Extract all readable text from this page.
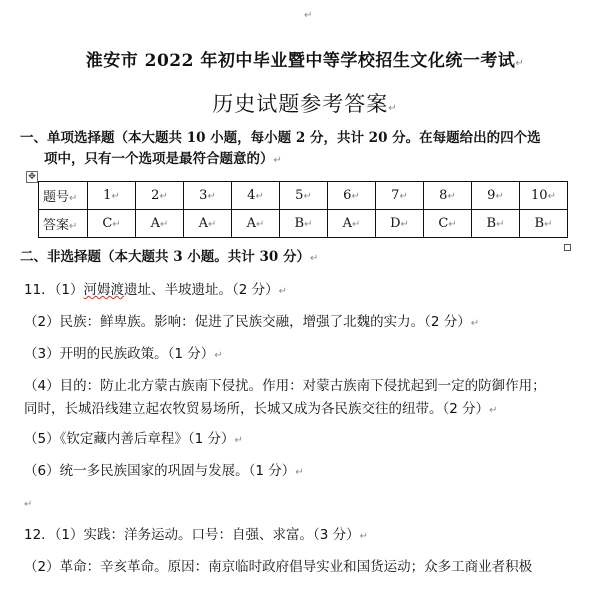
↵
淮安市 2022 年初中毕业暨中等学校招生文化统一考试↵
历史试题参考答案↵
一、单项选择题（本大题共 10 小题，每小题 2 分，共计 20 分。在每题给出的四个选
项中，只有一个选项是最符合题意的）↵
✥
题号↵	1↵	2↵	3↵	4↵	5↵	6↵	7↵	8↵	9↵	10↵
答案↵	C↵	A↵	A↵	A↵	B↵	A↵	D↵	C↵	B↵	B↵
二、非选择题（本大题共 3 小题。共计 30 分）↵
11．（1）河姆渡遗址、半坡遗址。（2 分）↵
（2）民族：鲜卑族。影响：促进了民族交融，增强了北魏的实力。（2 分）↵
（3）开明的民族政策。（1 分）↵
（4）目的：防止北方蒙古族南下侵扰。作用：对蒙古族南下侵扰起到一定的防御作用；
同时，长城沿线建立起农牧贸易场所，长城又成为各民族交往的纽带。（2 分）↵
（5）《钦定藏内善后章程》（1 分）↵
（6）统一多民族国家的巩固与发展。（1 分）↵
↵
12．（1）实践：洋务运动。口号：自强、求富。（3 分）↵
（2）革命：辛亥革命。原因：南京临时政府倡导实业和国货运动；众多工商业者积极
